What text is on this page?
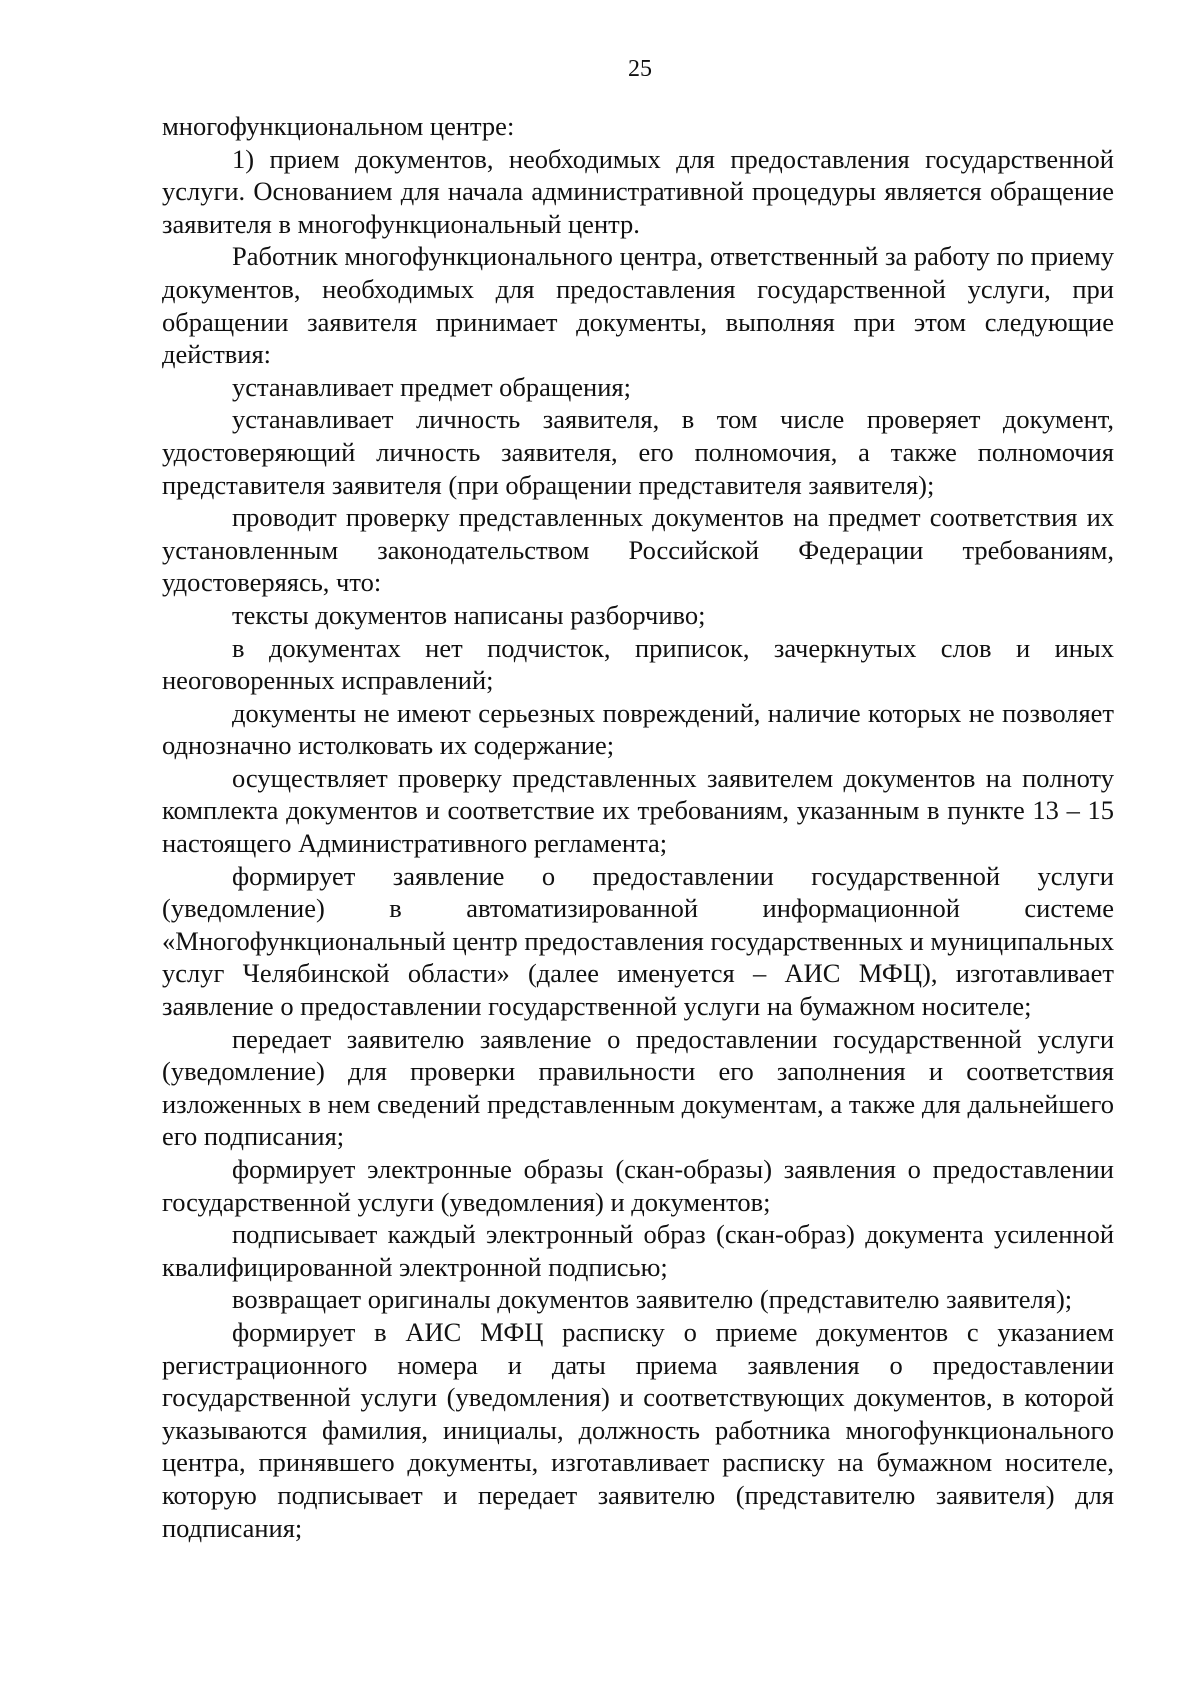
25

многофункциональном центре:

1) прием документов, необходимых для предоставления государственной услуги. Основанием для начала административной процедуры является обращение заявителя в многофункциональный центр.

Работник многофункционального центра, ответственный за работу по приему документов, необходимых для предоставления государственной услуги, при обращении заявителя принимает документы, выполняя при этом следующие действия:

устанавливает предмет обращения;

устанавливает личность заявителя, в том числе проверяет документ, удостоверяющий личность заявителя, его полномочия, а также полномочия представителя заявителя (при обращении представителя заявителя);

проводит проверку представленных документов на предмет соответствия их установленным законодательством Российской Федерации требованиям, удостоверяясь, что:

тексты документов написаны разборчиво;

в документах нет подчисток, приписок, зачеркнутых слов и иных неоговоренных исправлений;

документы не имеют серьезных повреждений, наличие которых не позволяет однозначно истолковать их содержание;

осуществляет проверку представленных заявителем документов на полноту комплекта документов и соответствие их требованиям, указанным в пункте 13 – 15 настоящего Административного регламента;

формирует заявление о предоставлении государственной услуги (уведомление) в автоматизированной информационной системе «Многофункциональный центр предоставления государственных и муниципальных услуг Челябинской области» (далее именуется – АИС МФЦ), изготавливает заявление о предоставлении государственной услуги на бумажном носителе;

передает заявителю заявление о предоставлении государственной услуги (уведомление) для проверки правильности его заполнения и соответствия изложенных в нем сведений представленным документам, а также для дальнейшего его подписания;

формирует электронные образы (скан-образы) заявления о предоставлении государственной услуги (уведомления) и документов;

подписывает каждый электронный образ (скан-образ) документа усиленной квалифицированной электронной подписью;

возвращает оригиналы документов заявителю (представителю заявителя);

формирует в АИС МФЦ расписку о приеме документов с указанием регистрационного номера и даты приема заявления о предоставлении государственной услуги (уведомления) и соответствующих документов, в которой указываются фамилия, инициалы, должность работника многофункционального центра, принявшего документы, изготавливает расписку на бумажном носителе, которую подписывает и передает заявителю (представителю заявителя) для подписания;
